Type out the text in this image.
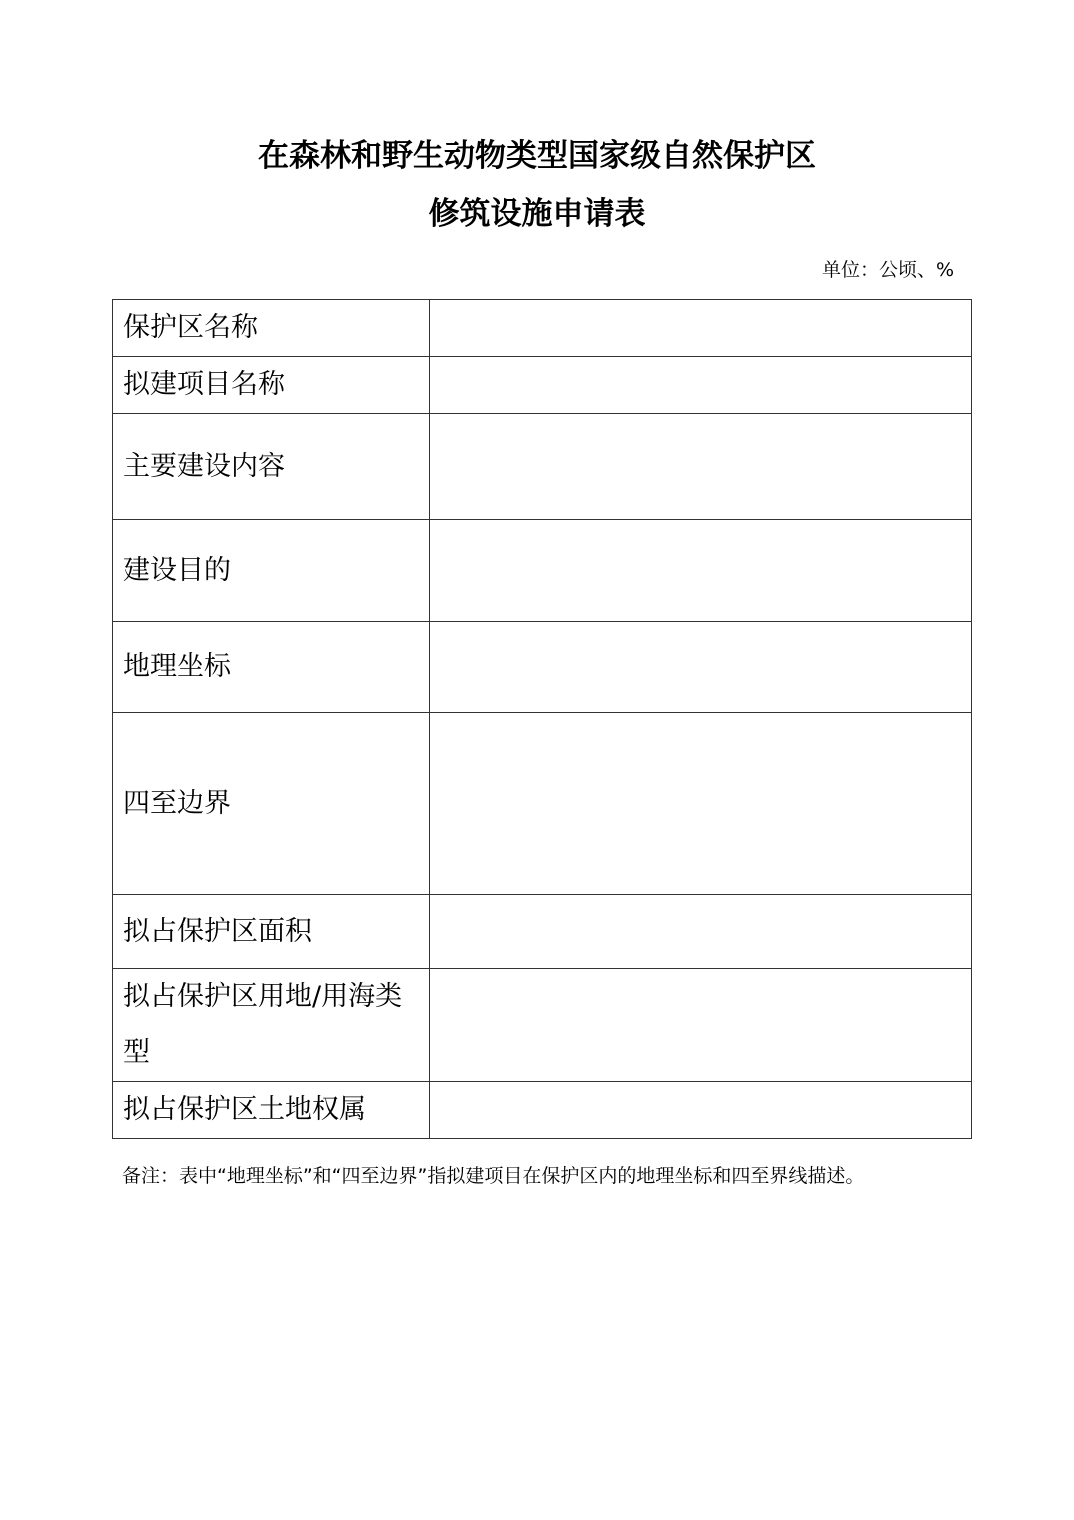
在森林和野生动物类型国家级自然保护区
修筑设施申请表
单位：公顷、%
保护区名称	
拟建项目名称	
主要建设内容	
建设目的	
地理坐标	
四至边界	
拟占保护区面积	
拟占保护区用地/用海类型	
拟占保护区土地权属	
备注：表中“地理坐标”和“四至边界”指拟建项目在保护区内的地理坐标和四至界线描述。
